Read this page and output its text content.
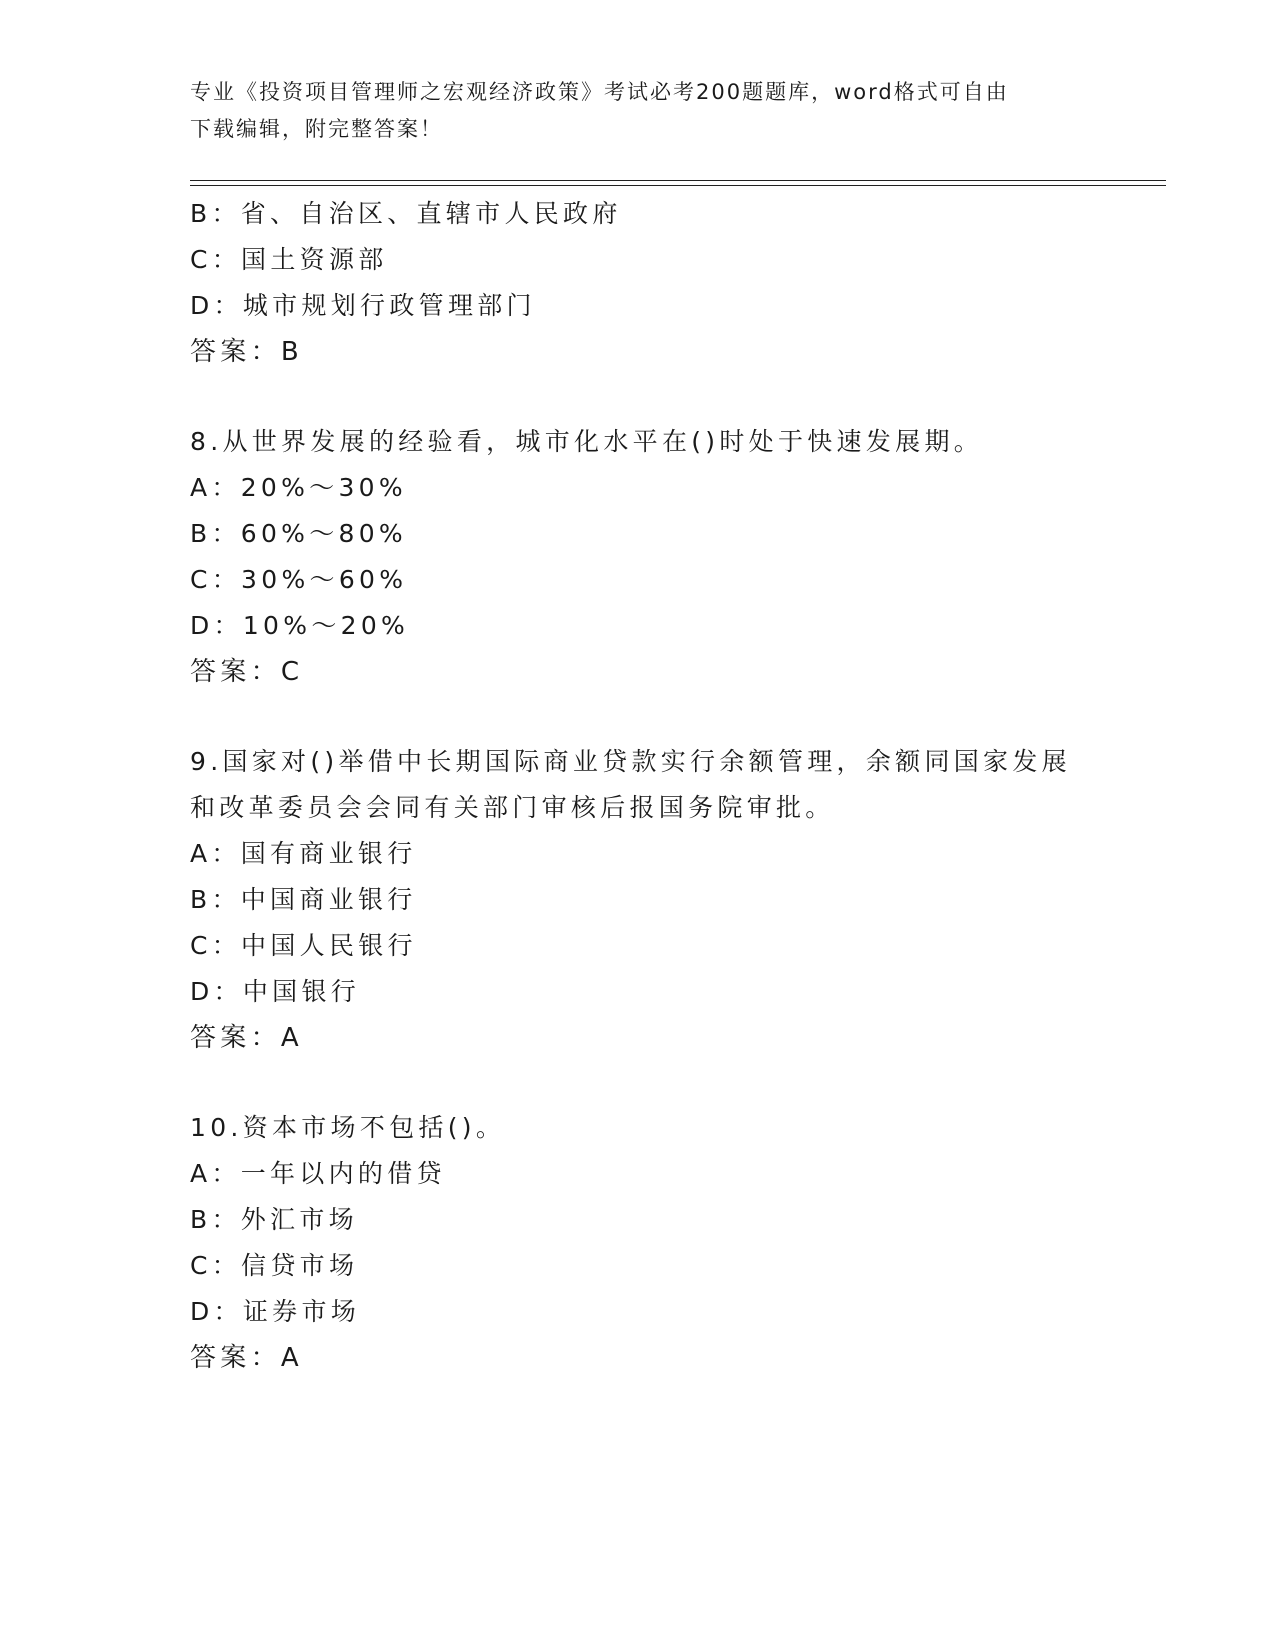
专业《投资项目管理师之宏观经济政策》考试必考200题题库，word格式可自由
下载编辑，附完整答案！
B：省、自治区、直辖市人民政府
C：国土资源部
D：城市规划行政管理部门
答案：B
8.从世界发展的经验看，城市化水平在()时处于快速发展期。
A：20%～30%
B：60%～80%
C：30%～60%
D：10%～20%
答案：C
9.国家对()举借中长期国际商业贷款实行余额管理，余额同国家发展
和改革委员会会同有关部门审核后报国务院审批。
A：国有商业银行
B：中国商业银行
C：中国人民银行
D：中国银行
答案：A
10.资本市场不包括()。
A：一年以内的借贷
B：外汇市场
C：信贷市场
D：证券市场
答案：A
